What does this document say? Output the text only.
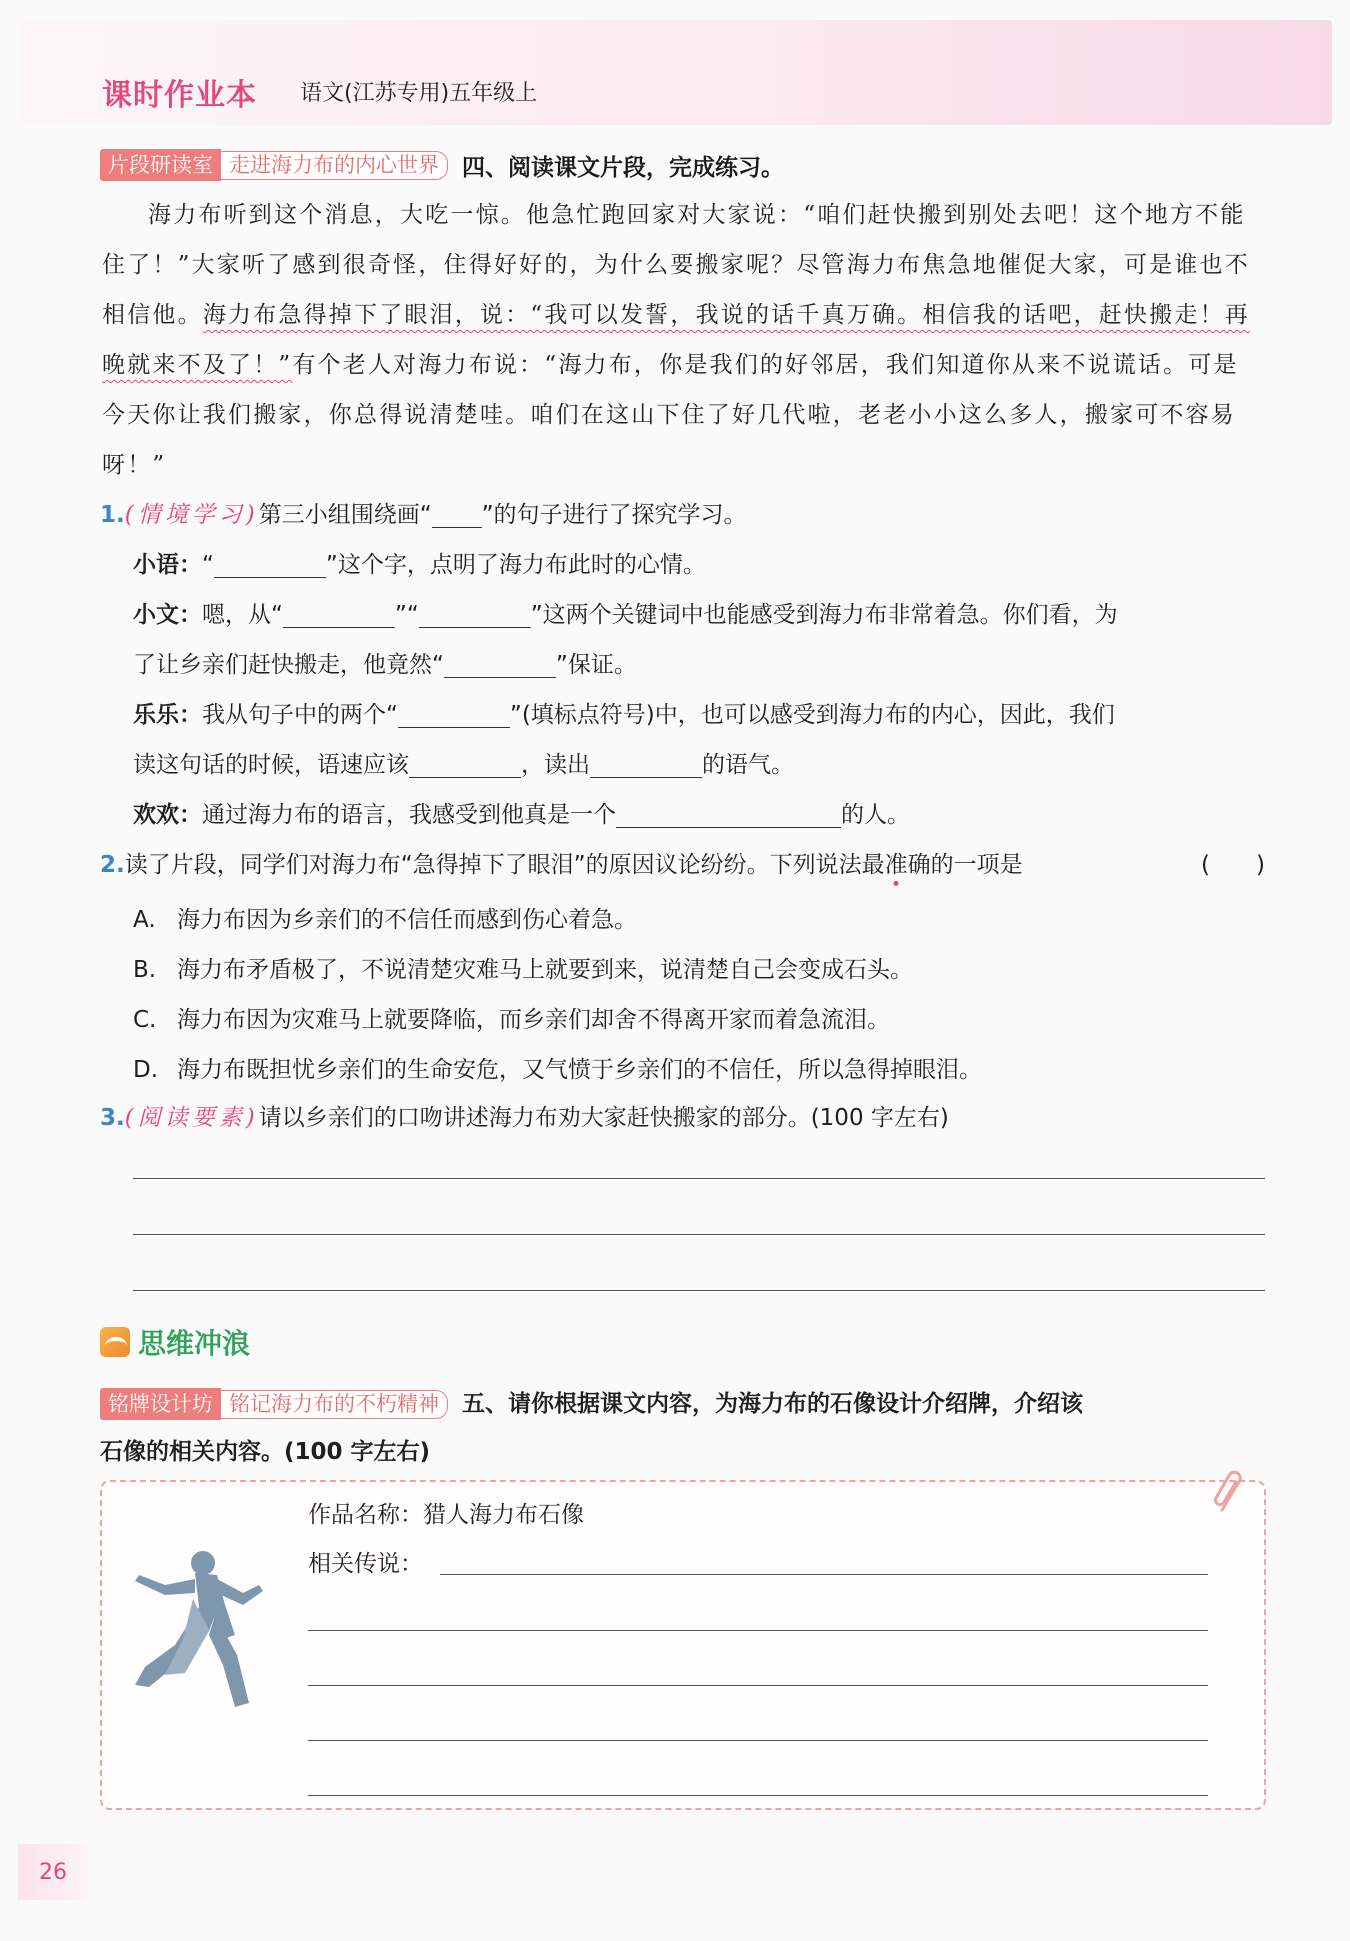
课时作业本 语文(江苏专用)五年级上
片段研读室 走进海力布的内心世界	四、阅读课文片段，完成练习。

海力布听到这个消息，大吃一惊。他急忙跑回家对大家说：“咱们赶快搬到别处去吧！这个地方不能住了！”大家听了感到很奇怪，住得好好的，为什么要搬家呢？尽管海力布焦急地催促大家，可是谁也不相信他。海力布急得掉下了眼泪，说：“我可以发誓，我说的话千真万确。相信我的话吧，赶快搬走！再晚就来不及了！”有个老人对海力布说：“海力布，你是我们的好邻居，我们知道你从来不说谎话。可是今天你让我们搬家，你总得说清楚哇。咱们在这山下住了好几代啦，老老小小这么多人，搬家可不容易呀！”

1.(情境学习)第三小组围绕画“ ”的句子进行了探究学习。
小语：“	”这个字，点明了海力布此时的心情。
小文：嗯，从“	”“	”这两个关键词中也能感受到海力布非常着急。你们看，为
了让乡亲们赶快搬走，他竟然“	”保证。
乐乐：我从句子中的两个“	”(填标点符号)中，也可以感受到海力布的内心，因此，我们
读这句话的时候，语速应该	，读出	的语气。
欢欢：通过海力布的语言，我感受到他真是一个	的人。
2.读了片段，同学们对海力布“急得掉下了眼泪”的原因议论纷纷。下列说法最准确的一项是	(　　)
A. 海力布因为乡亲们的不信任而感到伤心着急。
B. 海力布矛盾极了，不说清楚灾难马上就要到来，说清楚自己会变成石头。
C. 海力布因为灾难马上就要降临，而乡亲们却舍不得离开家而着急流泪。
D. 海力布既担忧乡亲们的生命安危，又气愤于乡亲们的不信任，所以急得掉眼泪。
3.(阅读要素)请以乡亲们的口吻讲述海力布劝大家赶快搬家的部分。(100 字左右)
思维冲浪
铭牌设计坊 铭记海力布的不朽精神	五、请你根据课文内容，为海力布的石像设计介绍牌，介绍该
石像的相关内容。(100 字左右)
作品名称：猎人海力布石像
相关传说：
26
